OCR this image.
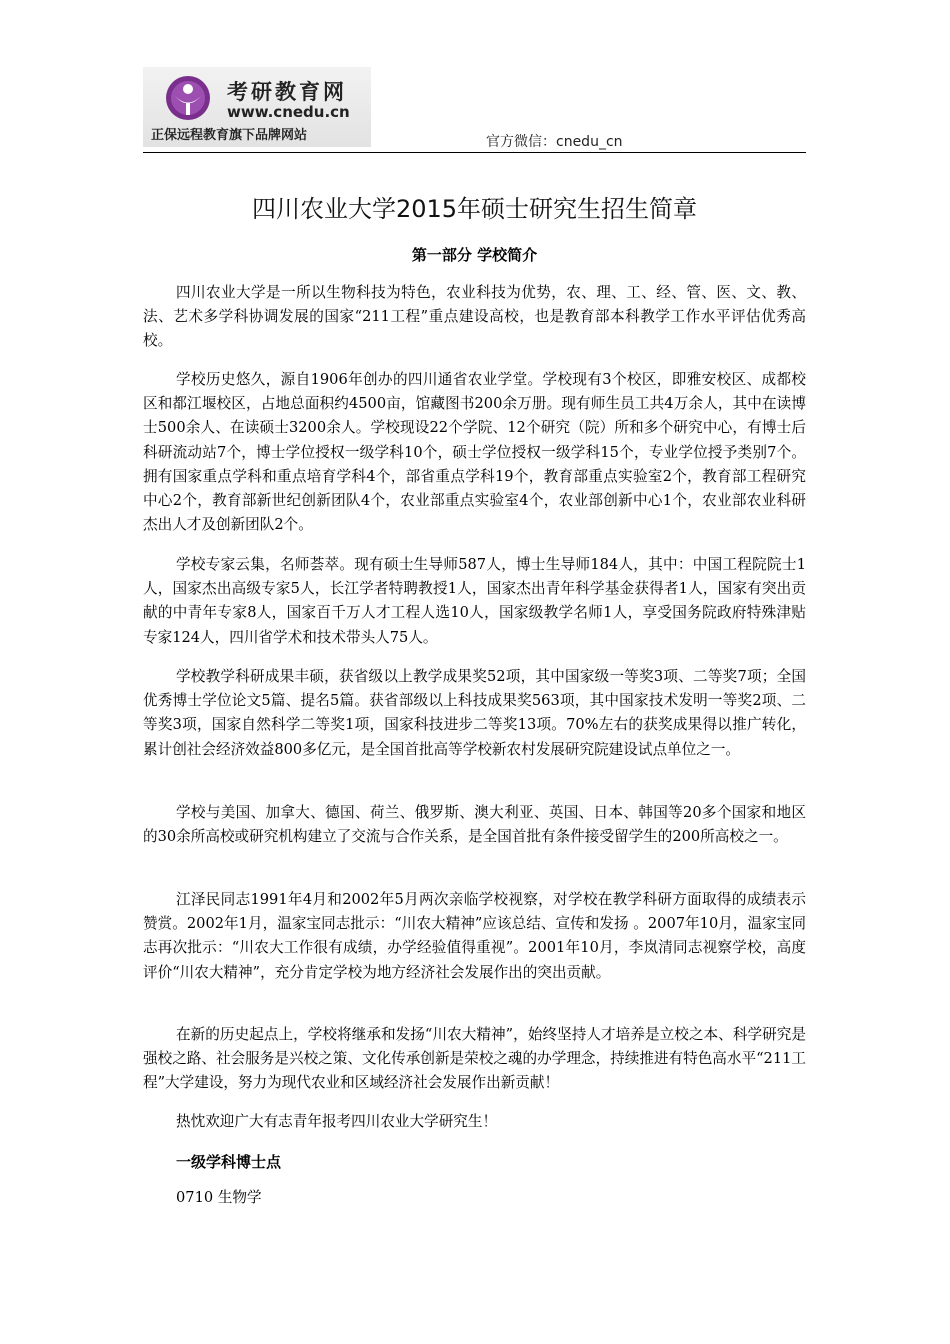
考研教育网
www.cnedu.cn
正保远程教育旗下品牌网站	官方微信：cnedu_cn
四川农业大学2015年硕士研究生招生简章
第一部分 学校简介

四川农业大学是一所以生物科技为特色，农业科技为优势，农、理、工、经、管、医、文、教、法、艺术多学科协调发展的国家“211工程”重点建设高校，也是教育部本科教学工作水平评估优秀高校。

学校历史悠久，源自1906年创办的四川通省农业学堂。学校现有3个校区，即雅安校区、成都校区和都江堰校区，占地总面积约4500亩，馆藏图书200余万册。现有师生员工共4万余人，其中在读博士500余人、在读硕士3200余人。学校现设22个学院、12个研究（院）所和多个研究中心，有博士后科研流动站7个，博士学位授权一级学科10个，硕士学位授权一级学科15个，专业学位授予类别7个。拥有国家重点学科和重点培育学科4个，部省重点学科19个，教育部重点实验室2个，教育部工程研究中心2个，教育部新世纪创新团队4个，农业部重点实验室4个，农业部创新中心1个，农业部农业科研杰出人才及创新团队2个。

学校专家云集，名师荟萃。现有硕士生导师587人，博士生导师184人，其中：中国工程院院士1人，国家杰出高级专家5人，长江学者特聘教授1人，国家杰出青年科学基金获得者1人，国家有突出贡献的中青年专家8人，国家百千万人才工程人选10人，国家级教学名师1人，享受国务院政府特殊津贴专家124人，四川省学术和技术带头人75人。

学校教学科研成果丰硕，获省级以上教学成果奖52项，其中国家级一等奖3项、二等奖7项；全国优秀博士学位论文5篇、提名5篇。获省部级以上科技成果奖563项，其中国家技术发明一等奖2项、二等奖3项，国家自然科学二等奖1项，国家科技进步二等奖13项。70%左右的获奖成果得以推广转化，累计创社会经济效益800多亿元，是全国首批高等学校新农村发展研究院建设试点单位之一。

学校与美国、加拿大、德国、荷兰、俄罗斯、澳大利亚、英国、日本、韩国等20多个国家和地区的30余所高校或研究机构建立了交流与合作关系，是全国首批有条件接受留学生的200所高校之一。

江泽民同志1991年4月和2002年5月两次亲临学校视察，对学校在教学科研方面取得的成绩表示赞赏。2002年1月，温家宝同志批示：“川农大精神”应该总结、宣传和发扬 。2007年10月，温家宝同志再次批示：“川农大工作很有成绩，办学经验值得重视”。2001年10月，李岚清同志视察学校，高度评价“川农大精神”，充分肯定学校为地方经济社会发展作出的突出贡献。

在新的历史起点上，学校将继承和发扬“川农大精神”，始终坚持人才培养是立校之本、科学研究是强校之路、社会服务是兴校之策、文化传承创新是荣校之魂的办学理念，持续推进有特色高水平“211工程”大学建设，努力为现代农业和区域经济社会发展作出新贡献！

热忱欢迎广大有志青年报考四川农业大学研究生！

一级学科博士点

0710 生物学
